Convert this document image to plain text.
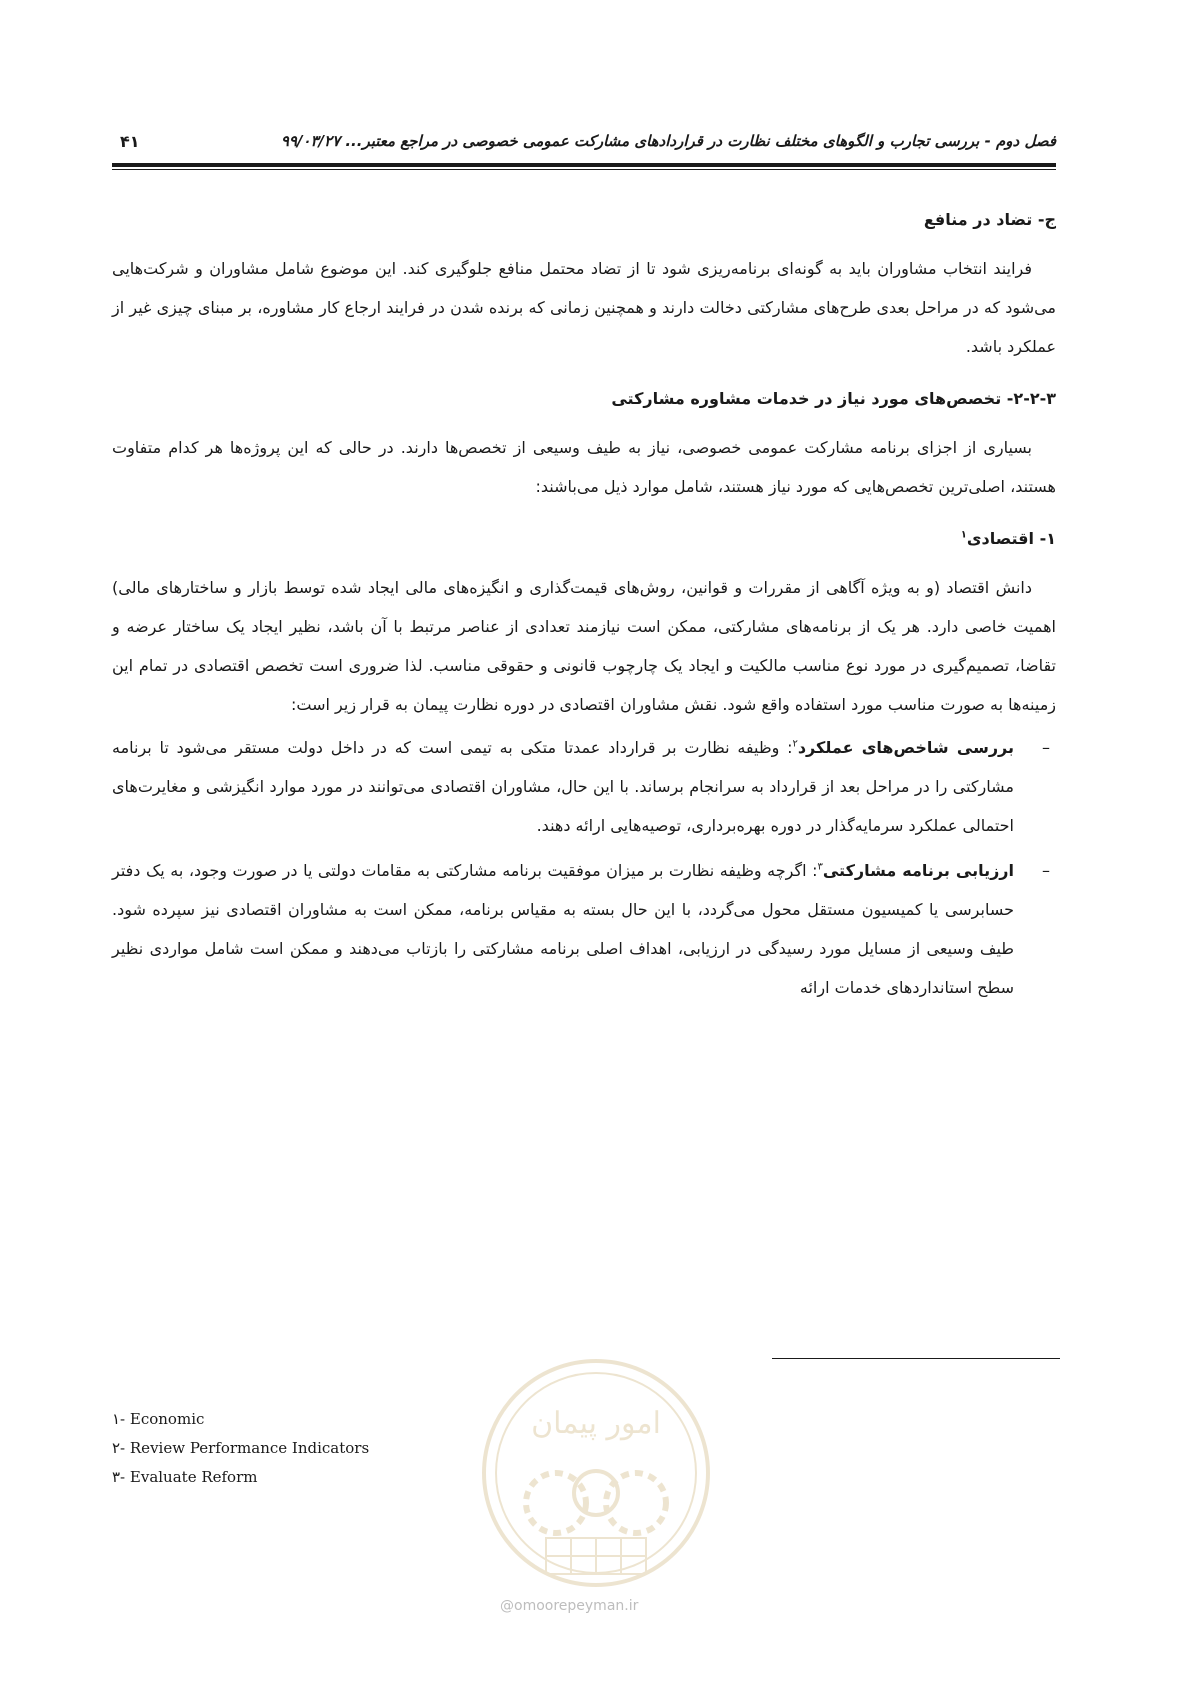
فصل دوم - بررسی تجارب و الگوهای مختلف نظارت در قراردادهای مشارکت عمومی خصوصی در مراجع معتبر... ۹۹/۰۳/۲۷
۴۱
ج- تضاد در منافع

فرایند انتخاب مشاوران باید به گونه‌ای برنامه‌ریزی شود تا از تضاد محتمل منافع جلوگیری کند. این موضوع شامل مشاوران و شرکت‌هایی می‌شود که در مراحل بعدی طرح‌های مشارکتی دخالت دارند و همچنین زمانی که برنده شدن در فرایند ارجاع کار مشاوره، بر مبنای چیزی غیر از عملکرد باشد.

۲-۲-۳- تخصص‌های مورد نیاز در خدمات مشاوره مشارکتی

بسیاری از اجزای برنامه مشارکت عمومی خصوصی، نیاز به طیف وسیعی از تخصص‌ها دارند. در حالی که این پروژه‌ها هر کدام متفاوت هستند، اصلی‌ترین تخصص‌هایی که مورد نیاز هستند، شامل موارد ذیل می‌باشند:

۱- اقتصادی$^۱$

دانش اقتصاد (و به ویژه آگاهی از مقررات و قوانین، روش‌های قیمت‌گذاری و انگیزه‌های مالی ایجاد شده توسط بازار و ساختارهای مالی) اهمیت خاصی دارد. هر یک از برنامه‌های مشارکتی، ممکن است نیازمند تعدادی از عناصر مرتبط با آن باشد، نظیر ایجاد یک ساختار عرضه و تقاضا، تصمیم‌گیری در مورد نوع مناسب مالکیت و ایجاد یک چارچوب قانونی و حقوقی مناسب. لذا ضروری است تخصص اقتصادی در تمام این زمینه‌ها به صورت مناسب مورد استفاده واقع شود. نقش مشاوران اقتصادی در دوره نظارت پیمان به قرار زیر است:

–
بررسی شاخص‌های عملکرد$^۲$: وظیفه نظارت بر قرارداد عمدتا متکی به تیمی است که در داخل دولت مستقر می‌شود تا برنامه مشارکتی را در مراحل بعد از قرارداد به سرانجام برساند. با این حال، مشاوران اقتصادی می‌توانند در مورد موارد انگیزشی و مغایرت‌های احتمالی عملکرد سرمایه‌گذار در دوره بهره‌برداری، توصیه‌هایی ارائه دهند.
–
ارزیابی برنامه مشارکتی$^۳$: اگرچه وظیفه نظارت بر میزان موفقیت برنامه مشارکتی به مقامات دولتی یا در صورت وجود، به یک دفتر حسابرسی یا کمیسیون مستقل محول می‌گردد، با این حال بسته به مقیاس برنامه، ممکن است به مشاوران اقتصادی نیز سپرده شود. طیف وسیعی از مسایل مورد رسیدگی در ارزیابی، اهداف اصلی برنامه مشارکتی را بازتاب می‌دهند و ممکن است شامل مواردی نظیر سطح استانداردهای خدمات ارائه
امور پیمان
@omoorepeyman.ir
۱- Economic
۲- Review Performance Indicators
۳- Evaluate Reform
